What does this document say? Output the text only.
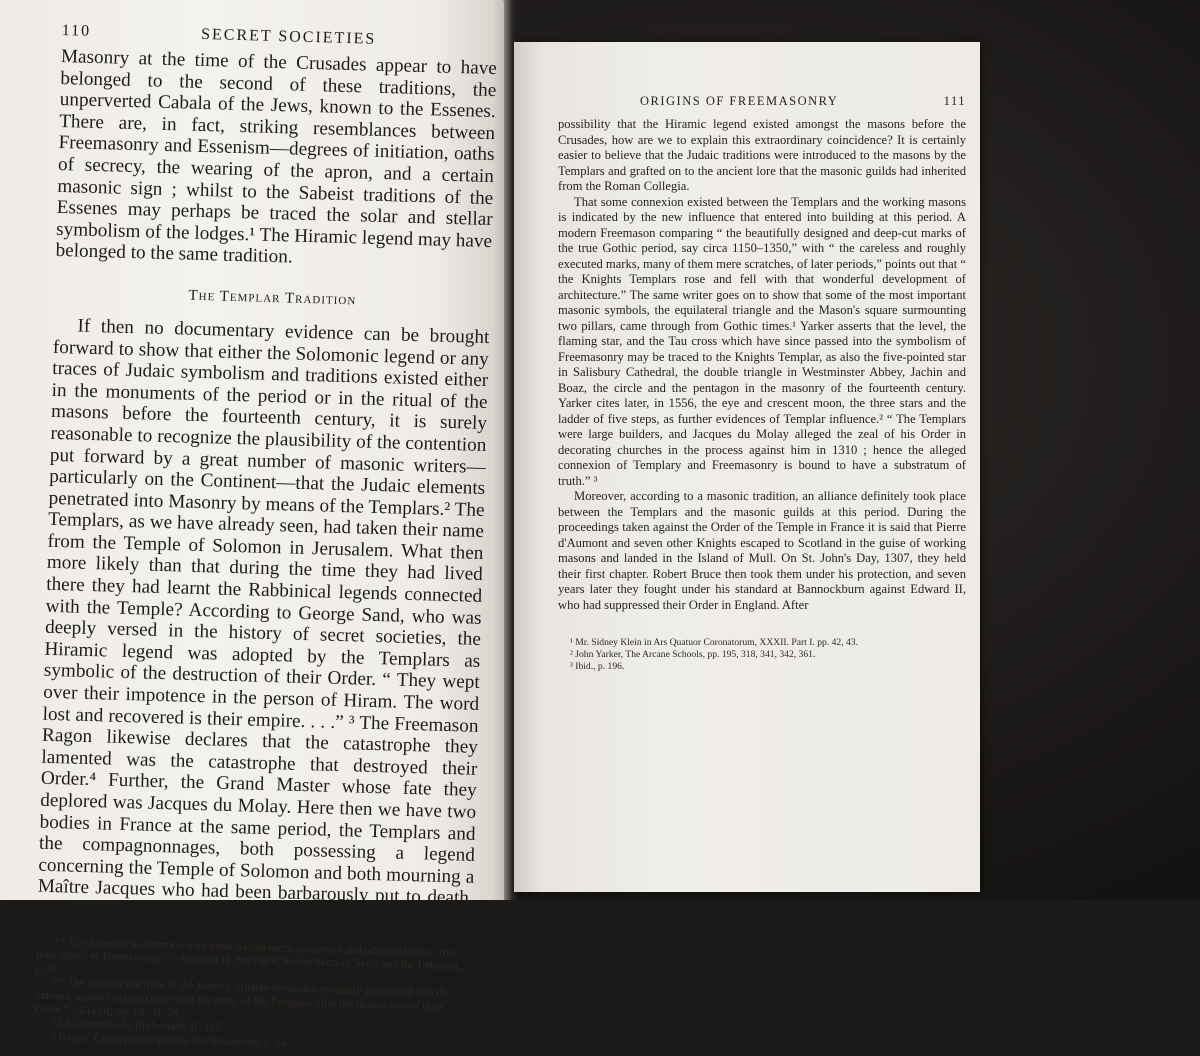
110	SECRET SOCIETIES

Masonry at the time of the Crusades appear to have belonged to the second of these traditions, the unperverted Cabala of the Jews, known to the Essenes. There are, in fact, striking resemblances between Freemasonry and Essenism—degrees of initiation, oaths of secrecy, the wearing of the apron, and a certain masonic sign ; whilst to the Sabeist traditions of the Essenes may perhaps be traced the solar and stellar symbolism of the lodges.¹ The Hiramic legend may have belonged to the same tradition.

The Templar Tradition

If then no documentary evidence can be brought forward to show that either the Solomonic legend or any traces of Judaic symbolism and traditions existed either in the monuments of the period or in the ritual of the masons before the fourteenth century, it is surely reasonable to recognize the plausibility of the contention put forward by a great number of masonic writers—particularly on the Continent—that the Judaic elements penetrated into Masonry by means of the Templars.² The Templars, as we have already seen, had taken their name from the Temple of Solomon in Jerusalem. What then more likely than that during the time they had lived there they had learnt the Rabbinical legends connected with the Temple? According to George Sand, who was deeply versed in the history of secret societies, the Hiramic legend was adopted by the Templars as symbolic of the destruction of their Order. “ They wept over their impotence in the person of Hiram. The word lost and recovered is their empire. . . .” ³ The Freemason Ragon likewise declares that the catastrophe they lamented was the catastrophe that destroyed their Order.⁴ Further, the Grand Master whose fate they deplored was Jacques du Molay. Here then we have two bodies in France at the same period, the Templars and the compagnonnages, both possessing a legend concerning the Temple of Solomon and both mourning a Maître Jacques who had been barbarously put to death. If we accept the

¹ “ The Essenes, in common with other Syrian sects, possessed and adhered to the ‘ true principles ’ of Freemasonry.”—Bernard H. Springett, Secret Sects of Syria and the Lebanon, p. 91.
² “ The esoteric doctrine of the Judeo-Christian mysteries evidently penetrated into the masonic guilds (ateliers) only with the entry of the Templars after the destruction of their Order.”—Eckert, op. cit., II. 28.
³ La Comtesse de Rudolstadt, II. 185.
⁴ Ragon, Cours philosophique des Initiations, p. 34.
ORIGINS OF FREEMASONRY	111

possibility that the Hiramic legend existed amongst the masons before the Crusades, how are we to explain this extraordinary coincidence? It is certainly easier to believe that the Judaic traditions were introduced to the masons by the Templars and grafted on to the ancient lore that the masonic guilds had inherited from the Roman Collegia.

That some connexion existed between the Templars and the working masons is indicated by the new influence that entered into building at this period. A modern Freemason comparing “ the beautifully designed and deep-cut marks of the true Gothic period, say circa 1150–1350,” with “ the careless and roughly executed marks, many of them mere scratches, of later periods,” points out that “ the Knights Templars rose and fell with that wonderful development of architecture.” The same writer goes on to show that some of the most important masonic symbols, the equilateral triangle and the Mason's square surmounting two pillars, came through from Gothic times.¹ Yarker asserts that the level, the flaming star, and the Tau cross which have since passed into the symbolism of Freemasonry may be traced to the Knights Templar, as also the five-pointed star in Salisbury Cathedral, the double triangle in Westminster Abbey, Jachin and Boaz, the circle and the pentagon in the masonry of the fourteenth century. Yarker cites later, in 1556, the eye and crescent moon, the three stars and the ladder of five steps, as further evidences of Templar influence.² “ The Templars were large builders, and Jacques du Molay alleged the zeal of his Order in decorating churches in the process against him in 1310 ; hence the alleged connexion of Templary and Freemasonry is bound to have a substratum of truth.” ³

Moreover, according to a masonic tradition, an alliance definitely took place between the Templars and the masonic guilds at this period. During the proceedings taken against the Order of the Temple in France it is said that Pierre d'Aumont and seven other Knights escaped to Scotland in the guise of working masons and landed in the Island of Mull. On St. John's Day, 1307, they held their first chapter. Robert Bruce then took them under his protection, and seven years later they fought under his standard at Bannockburn against Edward II, who had suppressed their Order in England. After

¹ Mr. Sidney Klein in Ars Quatuor Coronatorum, XXXII. Part I. pp. 42, 43.
² John Yarker, The Arcane Schools, pp. 195, 318, 341, 342, 361.
³ Ibid., p. 196.
